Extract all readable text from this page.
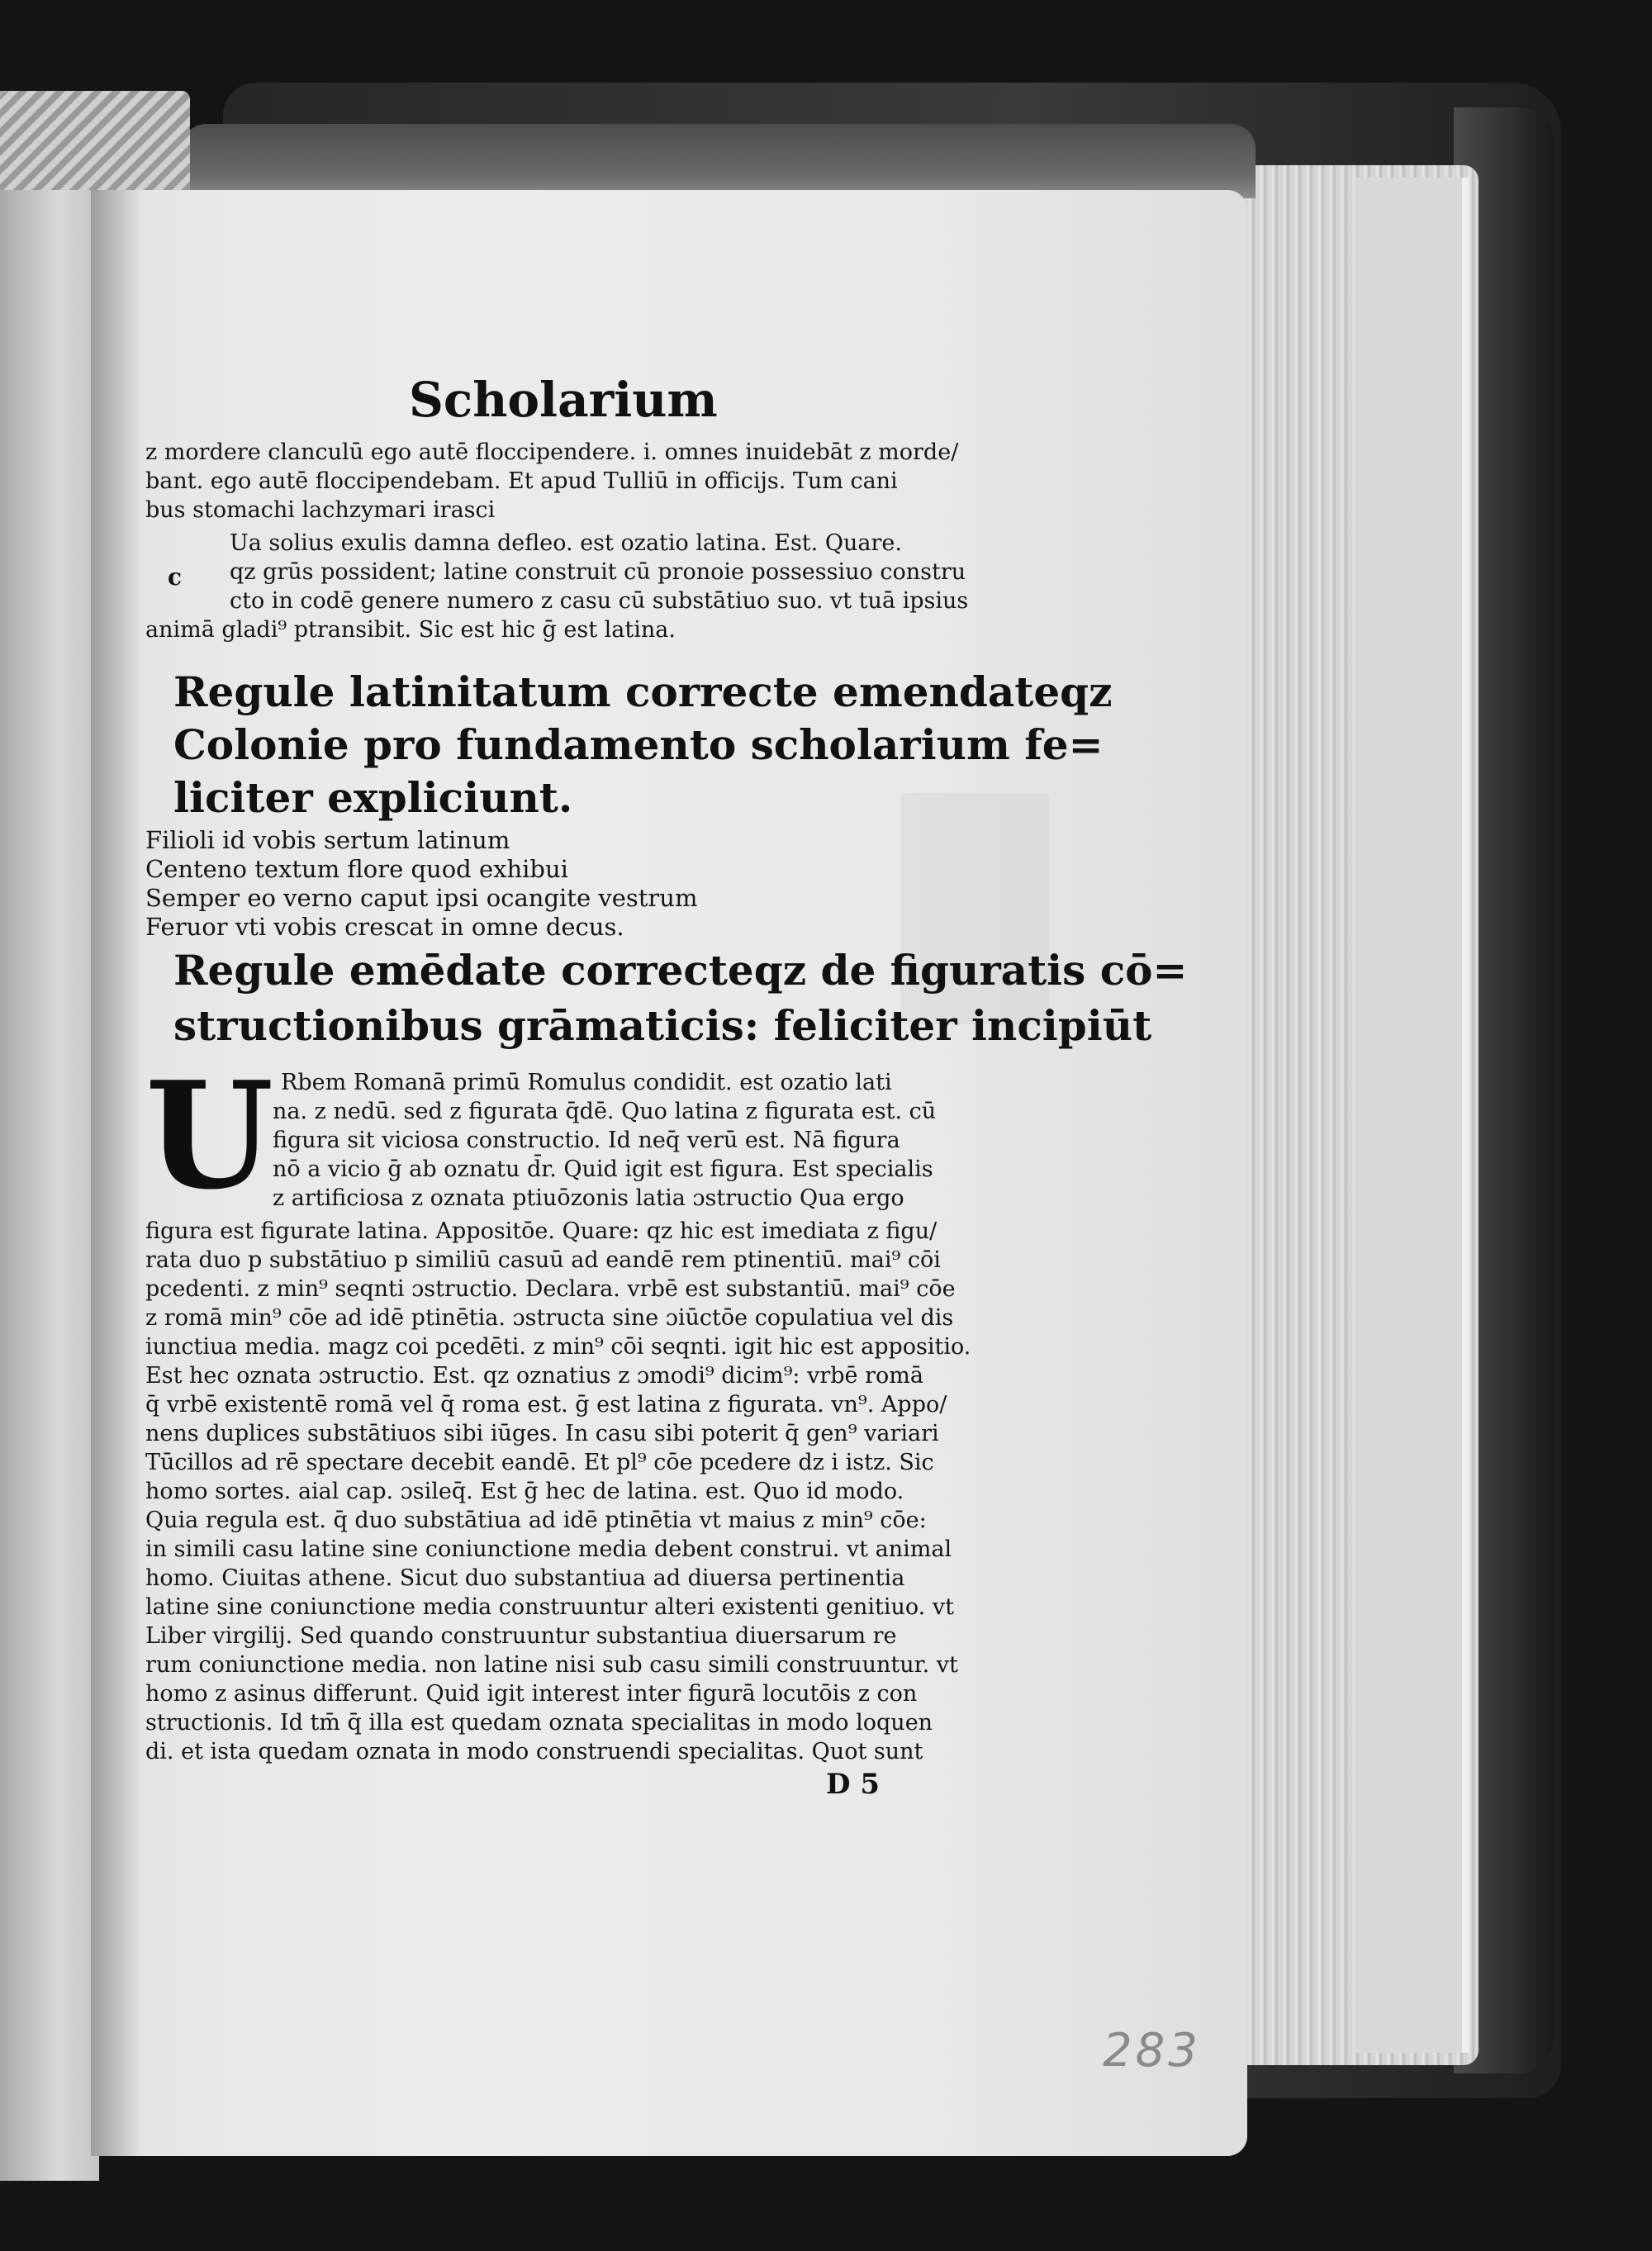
Scholarium
z mordere clanculū ego autē floccipendere. i. omnes inuidebāt z morde/
bant. ego autē floccipendebam. Et apud Tulliū in officijs. Tum cani
bus stomachi lachzymari irasci
Ua solius exulis damna defleo. est ozatio latina. Est. Quare.
c qz grūs possident; latine construit cū pronoie possessiuo constru
cto in codē genere numero z casu cū substātiuo suo. vt tuā ipsius
animā gladi⁹ ptransibit. Sic est hic ḡ est latina.
Regule latinitatum correcte emendateqz
Colonie pro fundamento scholarium fe=
liciter expliciunt.
Filioli id vobis sertum latinum
Centeno textum flore quod exhibui
Semper eo verno caput ipsi ocangite vestrum
Feruor vti vobis crescat in omne decus.
Regule emēdate correcteqz de figuratis cō=
structionibus grāmaticis: feliciter incipiūt
U Rbem Romanā primū Romulus condidit. est ozatio lati
na. z nedū. sed z figurata q̄dē. Quo latina z figurata est. cū
figura sit viciosa constructio. Id neq̄ verū est. Nā figura
nō a vicio ḡ ab oznatu d̄r. Quid igit est figura. Est specialis
z artificiosa z oznata ptiuōzonis latia ɔstructio Qua ergo
figura est figurate latina. Appositōe. Quare: qz hic est imediata z figu/
rata duo p substātiuo p similiū casuū ad eandē rem ptinentiū. mai⁹ cōi
pcedenti. z min⁹ seqnti ɔstructio. Declara. vrbē est substantiū. mai⁹ cōe
z romā min⁹ cōe ad idē ptinētia. ɔstructa sine ɔiūctōe copulatiua vel dis
iunctiua media. magz coi pcedēti. z min⁹ cōi seqnti. igit hic est appositio.
Est hec oznata ɔstructio. Est. qz oznatius z ɔmodi⁹ dicim⁹: vrbē romā
q̄ vrbē existentē romā vel q̄ roma est. ḡ est latina z figurata. vn⁹. Appo/
nens duplices substātiuos sibi iūges. In casu sibi poterit q̄ gen⁹ variari
Tūcillos ad rē spectare decebit eandē. Et pl⁹ cōe pcedere dz i istz. Sic
homo sortes. aial cap. ɔsileq̄. Est ḡ hec de latina. est. Quo id modo.
Quia regula est. q̄ duo substātiua ad idē ptinētia vt maius z min⁹ cōe:
in simili casu latine sine coniunctione media debent construi. vt animal
homo. Ciuitas athene. Sicut duo substantiua ad diuersa pertinentia
latine sine coniunctione media construuntur alteri existenti genitiuo. vt
Liber virgilij. Sed quando construuntur substantiua diuersarum re
rum coniunctione media. non latine nisi sub casu simili construuntur. vt
homo z asinus differunt. Quid igit interest inter figurā locutōis z con
structionis. Id tm̄ q̄ illa est quedam oznata specialitas in modo loquen
di. et ista quedam oznata in modo construendi specialitas. Quot sunt
D 5
283
